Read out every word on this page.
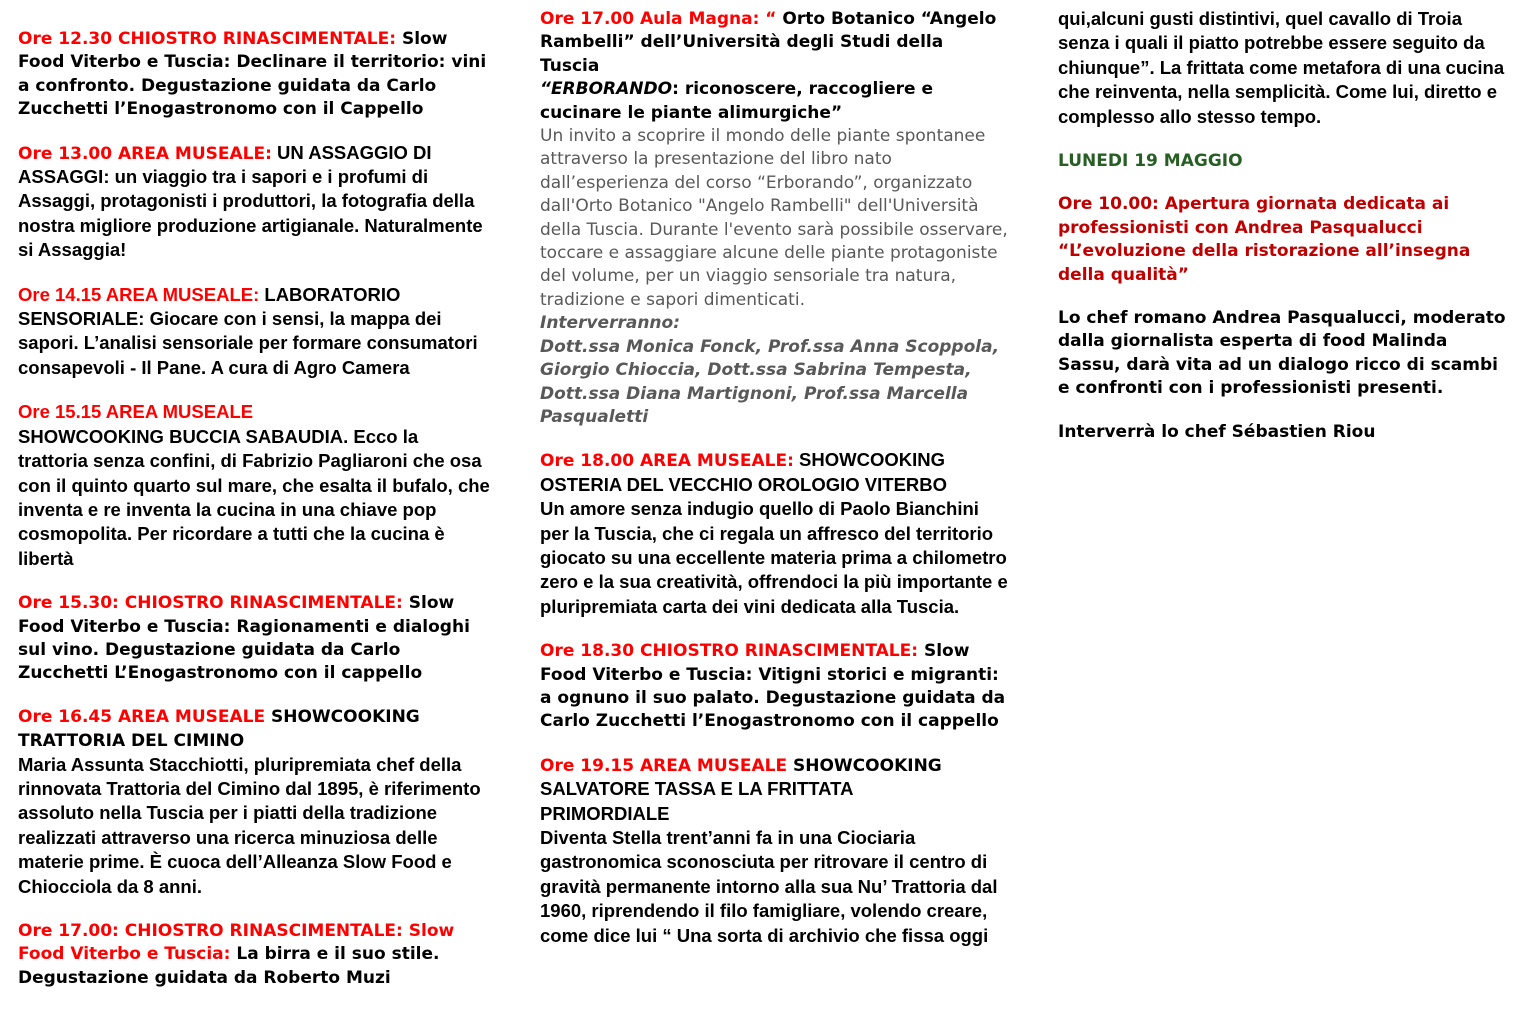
Ore 12.30 CHIOSTRO RINASCIMENTALE: Slow Food Viterbo e Tuscia: Declinare il territorio: vini a confronto. Degustazione guidata da Carlo Zucchetti l’Enogastronomo con il Cappello

Ore 13.00 AREA MUSEALE: UN ASSAGGIO DI ASSAGGI: un viaggio tra i sapori e i profumi di Assaggi, protagonisti i produttori, la fotografia della nostra migliore produzione artigianale. Naturalmente si Assaggia!

Ore 14.15 AREA MUSEALE: LABORATORIO SENSORIALE: Giocare con i sensi, la mappa dei sapori. L’analisi sensoriale per formare consumatori consapevoli - Il Pane. A cura di Agro Camera

Ore 15.15 AREA MUSEALE
SHOWCOOKING BUCCIA SABAUDIA. Ecco la trattoria senza confini, di Fabrizio Pagliaroni che osa con il quinto quarto sul mare, che esalta il bufalo, che inventa e re inventa la cucina in una chiave pop cosmopolita. Per ricordare a tutti che la cucina è libertà

Ore 15.30: CHIOSTRO RINASCIMENTALE: Slow Food Viterbo e Tuscia: Ragionamenti e dialoghi sul vino. Degustazione guidata da Carlo Zucchetti L’Enogastronomo con il cappello

Ore 16.45 AREA MUSEALE SHOWCOOKING
TRATTORIA DEL CIMINO
Maria Assunta Stacchiotti, pluripremiata chef della rinnovata Trattoria del Cimino dal 1895, è riferimento assoluto nella Tuscia per i piatti della tradizione realizzati attraverso una ricerca minuziosa delle materie prime. È cuoca dell’Alleanza Slow Food e Chiocciola da 8 anni.

Ore 17.00: CHIOSTRO RINASCIMENTALE: Slow Food Viterbo e Tuscia: La birra e il suo stile. Degustazione guidata da Roberto Muzi

Ore 17.00 Aula Magna: “ Orto Botanico “Angelo Rambelli” dell’Università degli Studi della Tuscia
“ERBORANDO: riconoscere, raccogliere e cucinare le piante alimurgiche”
Un invito a scoprire il mondo delle piante spontanee attraverso la presentazione del libro nato dall’esperienza del corso “Erborando”, organizzato dall'Orto Botanico "Angelo Rambelli" dell'Università della Tuscia. Durante l'evento sarà possibile osservare, toccare e assaggiare alcune delle piante protagoniste del volume, per un viaggio sensoriale tra natura, tradizione e sapori dimenticati.
Interverranno:
Dott.ssa Monica Fonck, Prof.ssa Anna Scoppola, Giorgio Chioccia, Dott.ssa Sabrina Tempesta, Dott.ssa Diana Martignoni, Prof.ssa Marcella Pasqualetti

Ore 18.00 AREA MUSEALE: SHOWCOOKING
OSTERIA DEL VECCHIO OROLOGIO VITERBO
Un amore senza indugio quello di Paolo Bianchini per la Tuscia, che ci regala un affresco del territorio giocato su una eccellente materia prima a chilometro zero e la sua creatività, offrendoci la più importante e pluripremiata carta dei vini dedicata alla Tuscia.

Ore 18.30 CHIOSTRO RINASCIMENTALE: Slow Food Viterbo e Tuscia: Vitigni storici e migranti: a ognuno il suo palato. Degustazione guidata da Carlo Zucchetti l’Enogastronomo con il cappello

Ore 19.15 AREA MUSEALE SHOWCOOKING
SALVATORE TASSA E LA FRITTATA
PRIMORDIALE
Diventa Stella trent’anni fa in una Ciociaria gastronomica sconosciuta per ritrovare il centro di gravità permanente intorno alla sua Nu’ Trattoria dal 1960, riprendendo il filo famigliare, volendo creare, come dice lui “ Una sorta di archivio che fissa oggi

qui,alcuni gusti distintivi, quel cavallo di Troia senza i quali il piatto potrebbe essere seguito da chiunque”. La frittata come metafora di una cucina che reinventa, nella semplicità. Come lui, diretto e complesso allo stesso tempo.

LUNEDI 19 MAGGIO

Ore 10.00: Apertura giornata dedicata ai professionisti con Andrea Pasqualucci
“L’evoluzione della ristorazione all’insegna della qualità”

Lo chef romano Andrea Pasqualucci, moderato dalla giornalista esperta di food Malinda Sassu, darà vita ad un dialogo ricco di scambi e confronti con i professionisti presenti.

Interverrà lo chef Sébastien Riou
